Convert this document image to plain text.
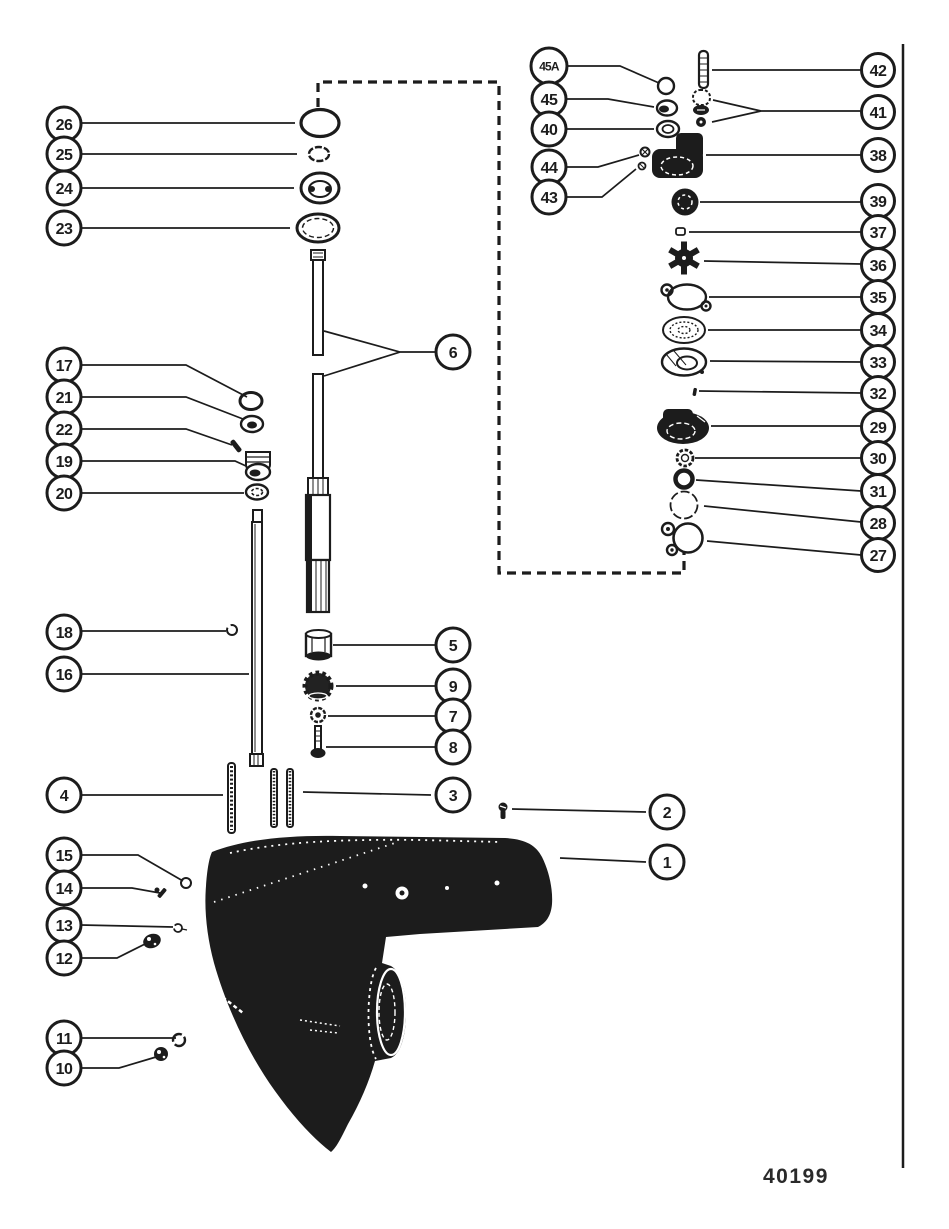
26
25
24
23
17
21
22
19
20
18
16
4
15
14
13
12
11
10
6
5
9
7
8
3
2
1
45A
45
40
44
43
42
41
38
39
37
36
35
34
33
32
29
30
31
28
27
40199
